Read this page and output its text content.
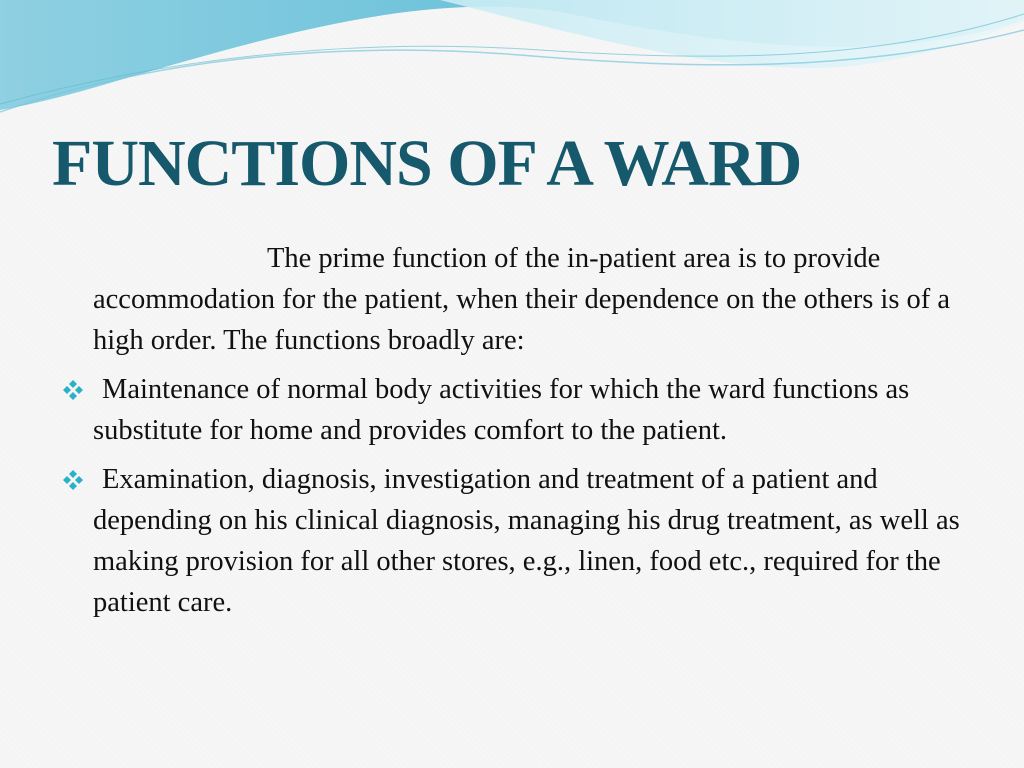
FUNCTIONS OF A WARD

The prime function of the in-patient area is to provide accommodation for the patient, when their dependence on the others is of a high order. The functions broadly are:

Maintenance of normal body activities for which the ward functions as substitute for home and provides comfort to the patient.

Examination, diagnosis, investigation and treatment of a patient and depending on his clinical diagnosis, managing his drug treatment, as well as making provision for all other stores, e.g., linen, food etc., required for the patient care.
